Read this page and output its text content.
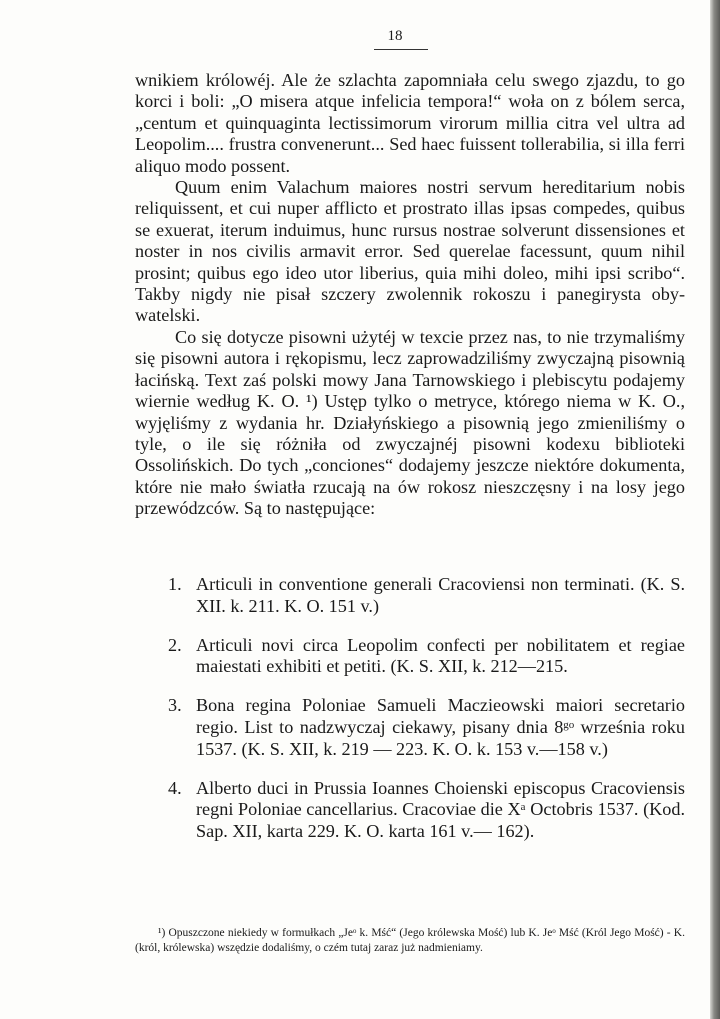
18

wnikiem królowéj. Ale że szlachta zapomniała celu swego zjazdu, to go korci i boli: „O misera atque infelicia tempora!“ woła on z bólem serca, „centum et quinquaginta lectissimorum virorum millia citra vel ultra ad Leopolim.... frustra convenerunt... Sed haec fuissent tollerabilia, si illa ferri aliquo modo possent.

Quum enim Valachum maiores nostri servum hereditarium nobis reliquissent, et cui nuper afflicto et prostrato illas ipsas compedes, quibus se exuerat, iterum induimus, hunc rursus nostrae solverunt dissensiones et noster in nos civilis armavit error. Sed querelae facessunt, quum nihil prosint; quibus ego ideo utor liberius, quia mihi doleo, mihi ipsi scribo“. Takby nigdy nie pisał szczery zwolennik rokoszu i panegirysta obywatelski.

Co się dotycze pisowni użytéj w texcie przez nas, to nie trzymaliśmy się pisowni autora i rękopismu, lecz zaprowadziliśmy zwyczajną pisownią łacińską. Text zaś polski mowy Jana Tarnowskiego i plebiscytu podajemy wiernie według K. O. ¹) Ustęp tylko o metryce, którego niema w K. O., wyjęliśmy z wydania hr. Działyńskiego a pisownią jego zmieniliśmy o tyle, o ile się różniła od zwyczajnéj pisowni kodexu biblioteki Ossolińskich. Do tych „conciones“ dodajemy jeszcze niektóre dokumenta, które nie mało światła rzucają na ów rokosz nieszczęsny i na losy jego przewódzców. Są to następujące:

1. Articuli in conventione generali Cracoviensi non terminati. (K. S. XII. k. 211. K. O. 151 v.)
2. Articuli novi circa Leopolim confecti per nobilitatem et regiae maiestati exhibiti et petiti. (K. S. XII, k. 212—215.
3. Bona regina Poloniae Samueli Maczieowski maiori secretario regio. List to nadzwyczaj ciekawy, pisany dnia 8ᵍᵒ września roku 1537. (K. S. XII, k. 219 — 223. K. O. k. 153 v.—158 v.)
4. Alberto duci in Prussia Ioannes Choienski episcopus Cracoviensis regni Poloniae cancellarius. Cracoviae die Xᵃ Octobris 1537. (Kod. Sap. XII, karta 229. K. O. karta 161 v.— 162).

¹) Opuszczone niekiedy w formułkach „Jeᵒ k. Mść“ (Jego królewska Mość) lub K. Jeᵒ Mść (Król Jego Mość) - K. (król, królewska) wszędzie dodaliśmy, o czém tutaj zaraz już nadmieniamy.
